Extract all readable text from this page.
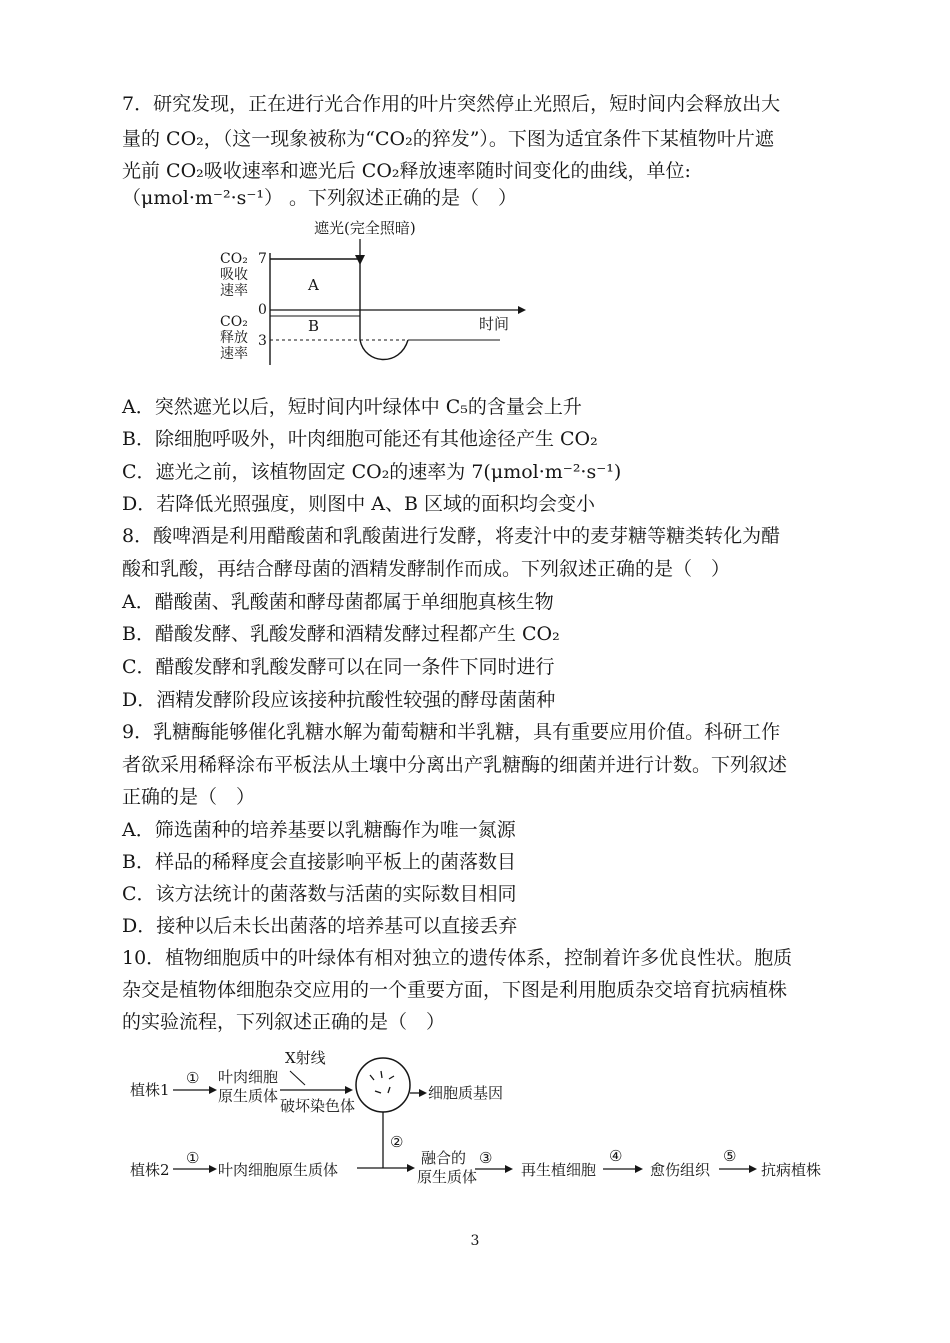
7．研究发现，正在进行光合作用的叶片突然停止光照后，短时间内会释放出大
量的 CO₂，（这一现象被称为“CO₂的猝发”）。下图为适宜条件下某植物叶片遮
光前 CO₂吸收速率和遮光后 CO₂释放速率随时间变化的曲线，单位:
（μmol·m⁻²·s⁻¹） 。下列叙述正确的是（　）
遮光(完全照暗)
CO₂
吸收
速率
CO₂
释放
速率
7
0
3
时间
A
B
A．突然遮光以后，短时间内叶绿体中 C₅的含量会上升
B．除细胞呼吸外，叶肉细胞可能还有其他途径产生 CO₂
C．遮光之前，该植物固定 CO₂的速率为 7(μmol·m⁻²·s⁻¹)
D．若降低光照强度，则图中 A、B 区域的面积均会变小
8．酸啤酒是利用醋酸菌和乳酸菌进行发酵，将麦汁中的麦芽糖等糖类转化为醋
酸和乳酸，再结合酵母菌的酒精发酵制作而成。下列叙述正确的是（　）
A．醋酸菌、乳酸菌和酵母菌都属于单细胞真核生物
B．醋酸发酵、乳酸发酵和酒精发酵过程都产生 CO₂
C．醋酸发酵和乳酸发酵可以在同一条件下同时进行
D．酒精发酵阶段应该接种抗酸性较强的酵母菌菌种
9．乳糖酶能够催化乳糖水解为葡萄糖和半乳糖，具有重要应用价值。科研工作
者欲采用稀释涂布平板法从土壤中分离出产乳糖酶的细菌并进行计数。下列叙述
正确的是（　）
A．筛选菌种的培养基要以乳糖酶作为唯一氮源
B．样品的稀释度会直接影响平板上的菌落数目
C．该方法统计的菌落数与活菌的实际数目相同
D．接种以后未长出菌落的培养基可以直接丢弃
10．植物细胞质中的叶绿体有相对独立的遗传体系，控制着许多优良性状。胞质
杂交是植物体细胞杂交应用的一个重要方面，下图是利用胞质杂交培育抗病植株
的实验流程，下列叙述正确的是（　）
植株1
① 叶肉细胞
原生质体
X射线
破坏染色体
细胞质基因
②
植株2
①
叶肉细胞原生质体
融合的
原生质体
③
再生植细胞
④
愈伤组织
⑤
抗病植株
3
